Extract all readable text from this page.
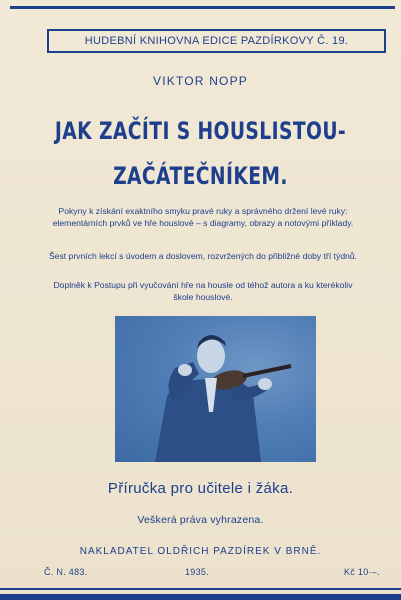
HUDEBNÍ KNIHOVNA EDICE PAZDÍRKOVY Č. 19.
VIKTOR NOPP
JAK ZAČÍTI S HOUSLISTOU-
ZAČÁTEČNÍKEM.
Pokyny k získání exaktního smyku pravé ruky a správného držení levé ruky: elementárních prvků ve hře houslové – s diagramy, obrazy a notovými příklady.
Šest prvních lekcí s úvodem a doslovem, rozvržených do přibližné doby tří týdnů.
Doplněk k Postupu při vyučování hře na housle od téhož autora a ku kterékoliv škole houslové.
Příručka pro učitele i žáka.
Veškerá práva vyhrazena.
NAKLADATEL OLDŘICH PAZDÍREK V BRNĚ.
Č. N. 483.	1935.	Kč 10·–.
